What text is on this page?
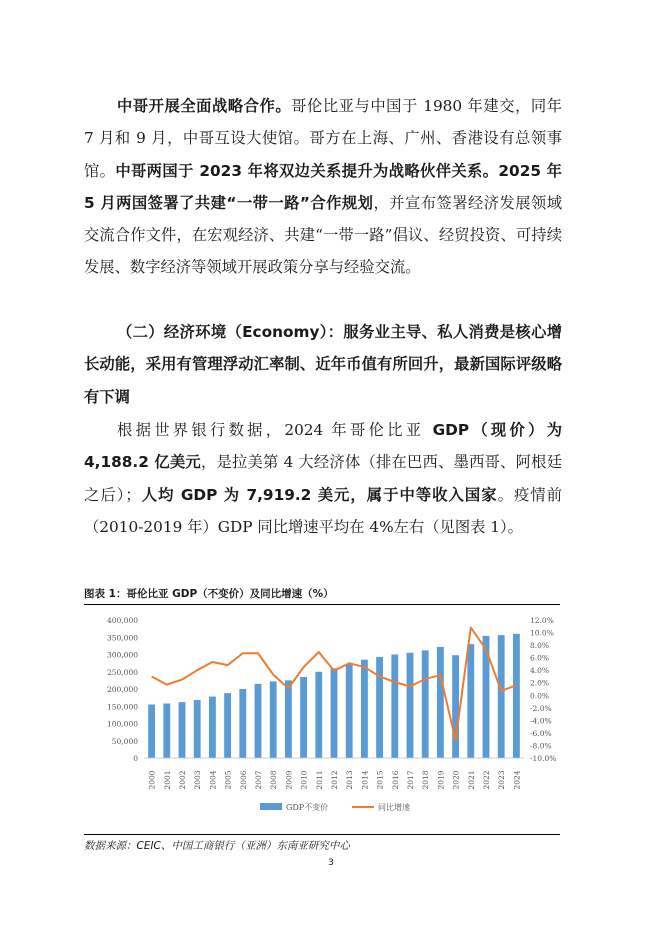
中哥开展全面战略合作。哥伦比亚与中国于 1980 年建交，同年 7 月和 9 月，中哥互设大使馆。哥方在上海、广州、香港设有总领事馆。中哥两国于 2023 年将双边关系提升为战略伙伴关系。2025 年 5 月两国签署了共建“一带一路”合作规划，并宣布签署经济发展领域交流合作文件，在宏观经济、共建“一带一路”倡议、经贸投资、可持续发展、数字经济等领域开展政策分享与经验交流。
（二）经济环境（Economy）：服务业主导、私人消费是核心增长动能，采用有管理浮动汇率制、近年币值有所回升，最新国际评级略有下调
根据世界银行数据，2024 年哥伦比亚 GDP（现价）为 4,188.2 亿美元，是拉美第 4 大经济体（排在巴西、墨西哥、阿根廷之后）；人均 GDP 为 7,919.2 美元，属于中等收入国家。疫情前（2010-2019 年）GDP 同比增速平均在 4%左右（见图表 1）。
图表 1：哥伦比亚 GDP（不变价）及同比增速（%）
0
50,000
100,000
150,000
200,000
250,000
300,000
350,000
400,000
-10.0%
-8.0%
-6.0%
-4.0%
-2.0%
0.0%
2.0%
4.0%
6.0%
8.0%
10.0%
12.0%
2000 2001 2002 2003 2004 2005 2006 2007 2008 2009 2010 2011 2012 2013 2014 2015 2016 2017 2018 2019 2020 2021 2022 2023 2024
GDP不变价	同比增速
数据来源：CEIC、中国工商银行（亚洲）东南亚研究中心
3
